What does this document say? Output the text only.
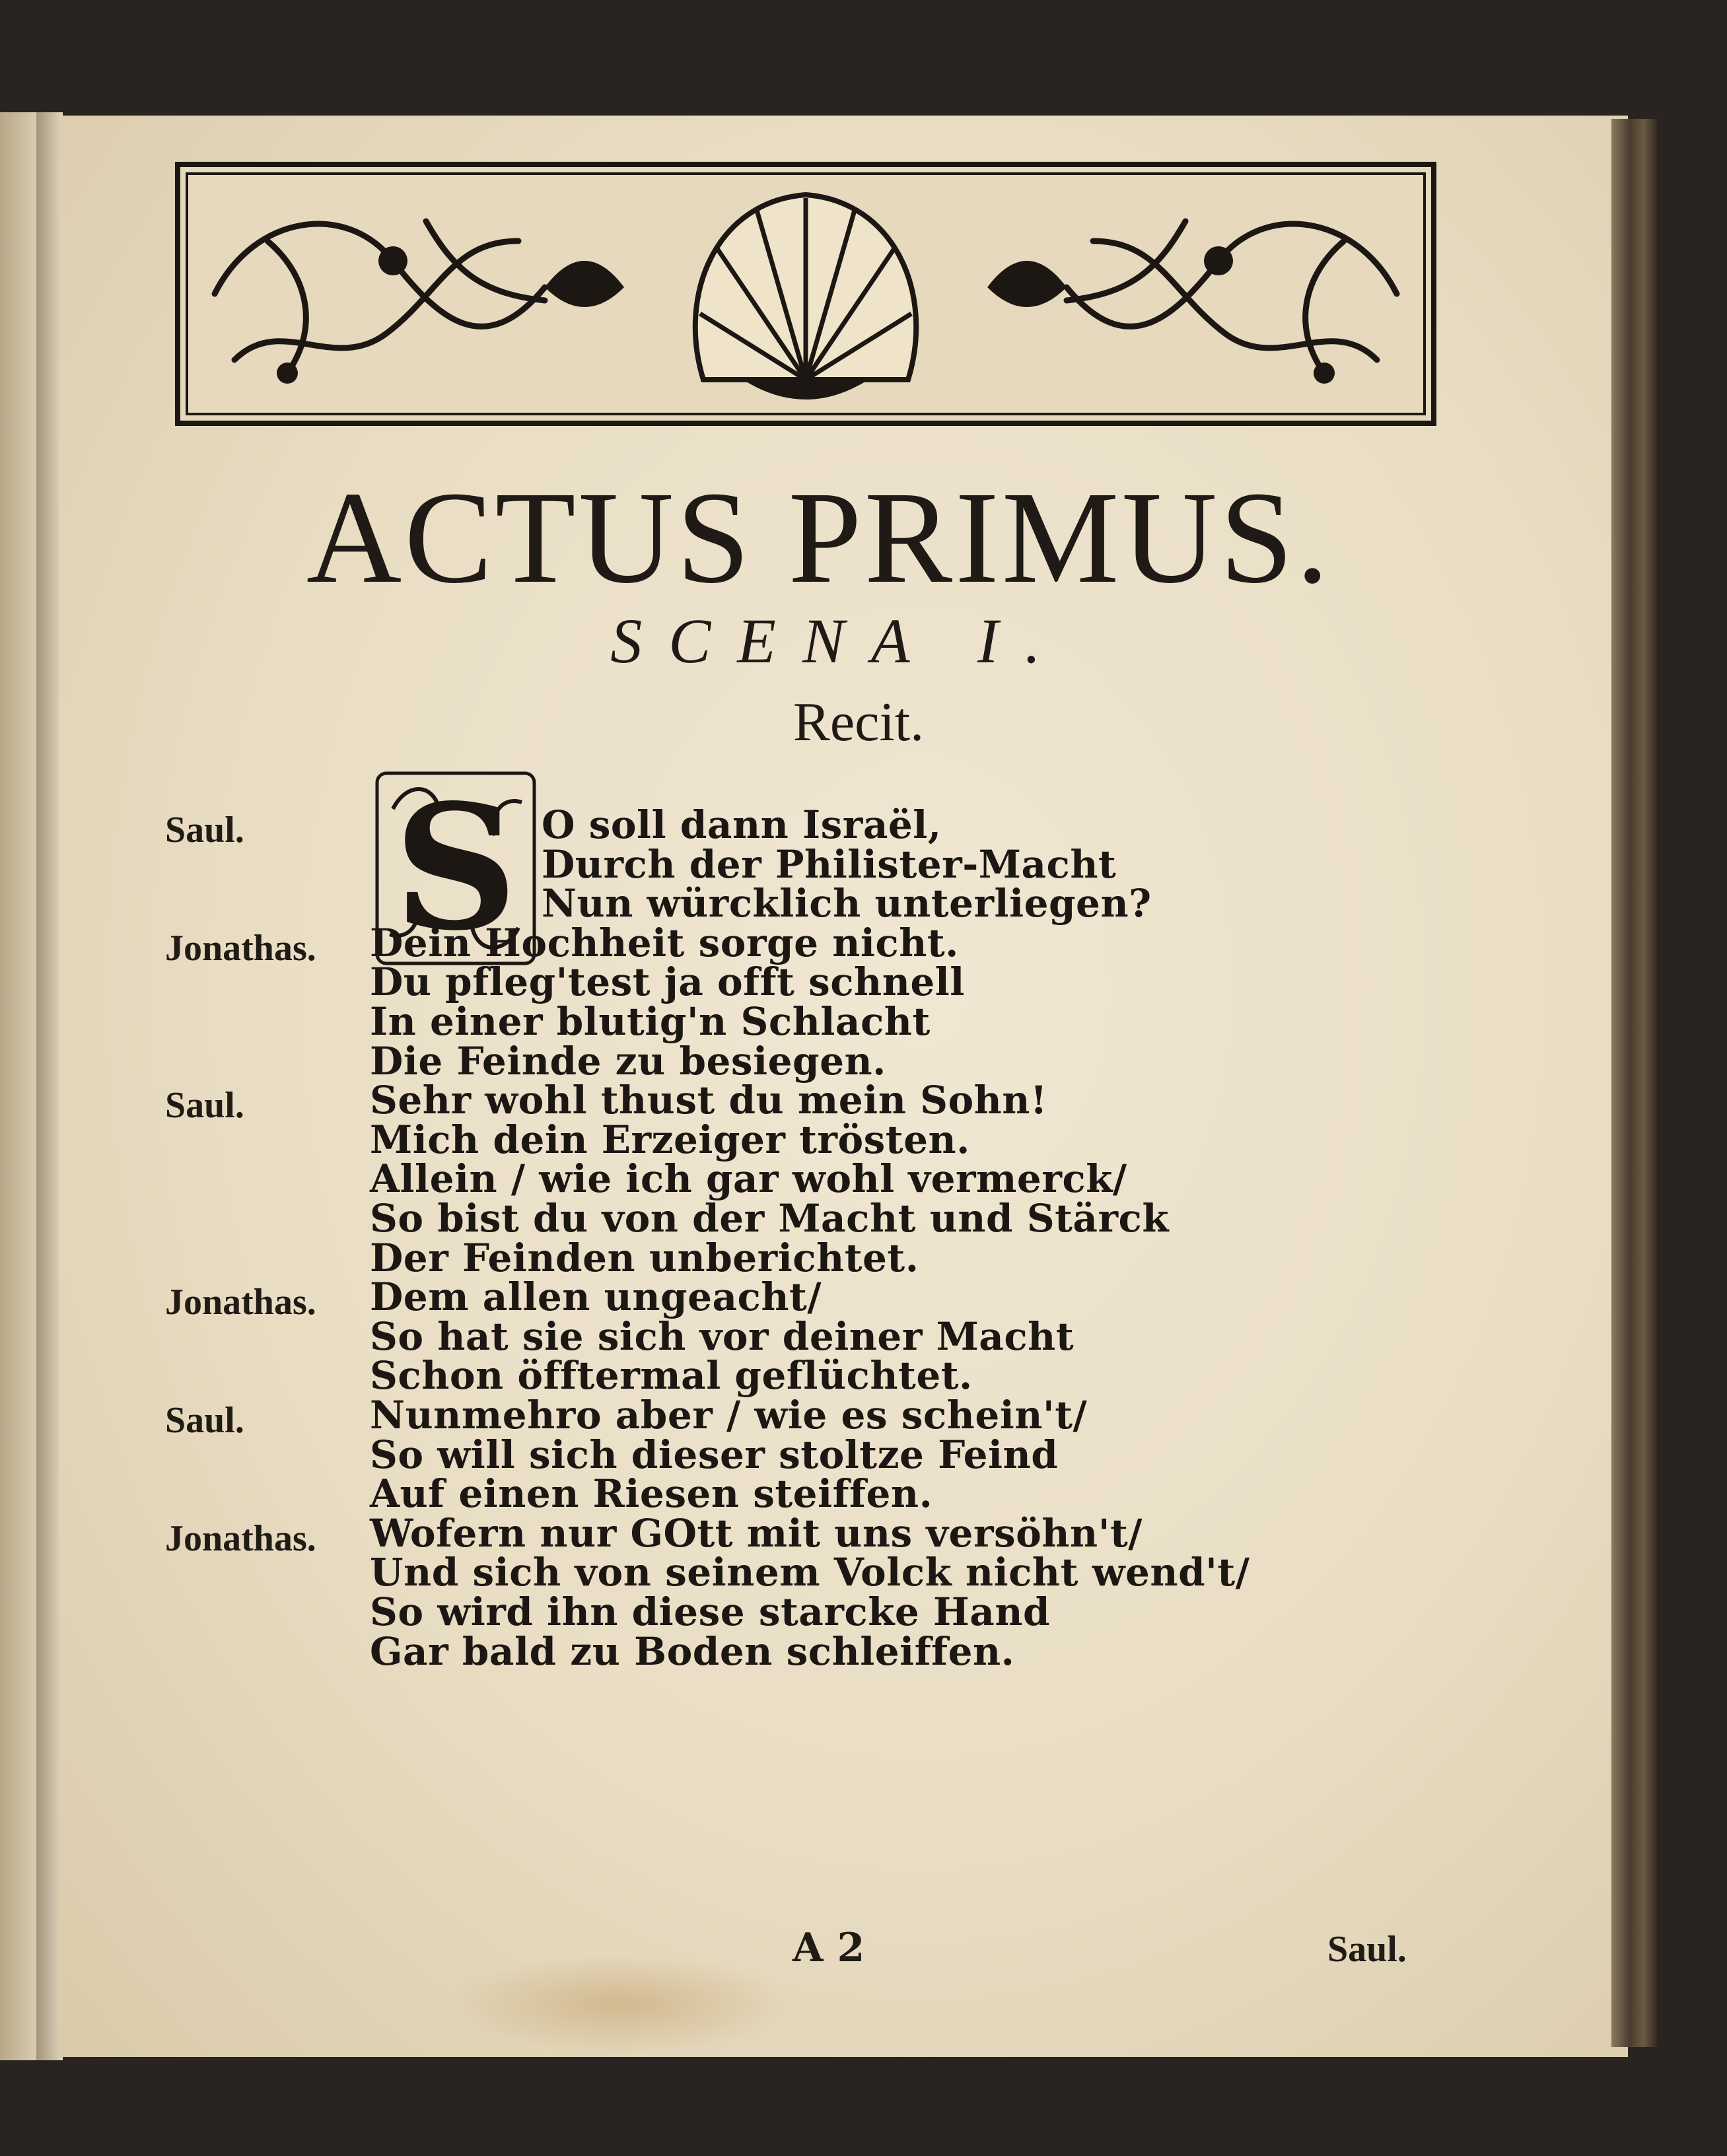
ACTUS PRIMUS.
SCENA I.
Recit.
S
Saul.	O soll dann Israël,
Durch der Philister-Macht
Nun würcklich unterliegen?
Jonathas. Dein Hochheit sorge nicht.
Du pfleg'test ja offt schnell
In einer blutig'n Schlacht
Die Feinde zu besiegen.
Saul.	Sehr wohl thust du mein Sohn!
Mich dein Erzeiger trösten.
Allein / wie ich gar wohl vermerck/
So bist du von der Macht und Stärck
Der Feinden unberichtet.
Jonathas. Dem allen ungeacht/
So hat sie sich vor deiner Macht
Schon öfftermal geflüchtet.
Saul.	Nunmehro aber / wie es schein't/
So will sich dieser stoltze Feind
Auf einen Riesen steiffen.
Jonathas. Wofern nur GOtt mit uns versöhn't/
Und sich von seinem Volck nicht wend't/
So wird ihn diese starcke Hand
Gar bald zu Boden schleiffen.
A 2	Saul.
